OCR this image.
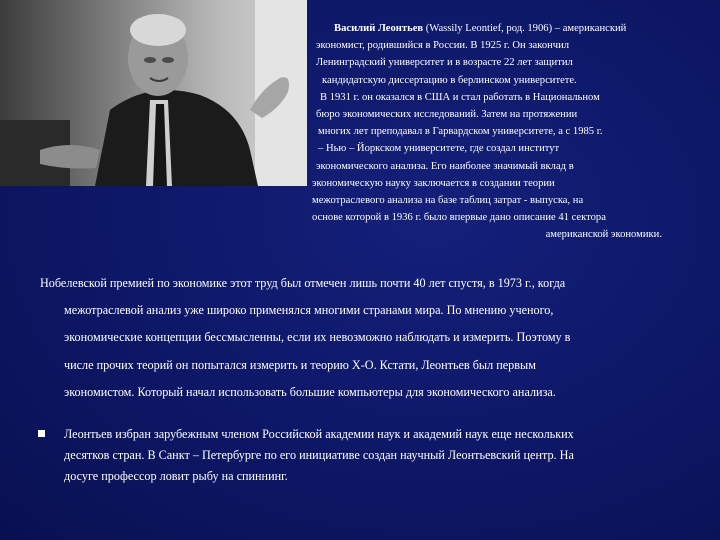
Василий Леонтьев (Wassily Leontief, род. 1906) – американский
экономист, родившийся в России. В 1925 г. Он закончил
Ленинградский университет и в возрасте 22 лет защитил
кандидатскую диссертацию в берлинском университете.
В 1931 г. он оказался в США и стал работать в Национальном
бюро экономических исследований. Затем на протяжении
многих лет преподавал в Гарвардском университете, а с 1985 г.
– Нью – Йоркском университете, где создал институт
экономического анализа. Его наиболее значимый вклад в
экономическую науку заключается в создании теории
межотраслевого анализа на базе таблиц затрат - выпуска, на
основе которой в 1936 г. было впервые дано описание 41 сектора
американской экономики.
Нобелевской премией по экономике этот труд был отмечен лишь почти 40 лет спустя, в 1973 г., когда
межотраслевой анализ уже широко применялся многими странами мира. По мнению ученого,
экономические концепции бессмысленны, если их невозможно наблюдать и измерить. Поэтому в
числе прочих теорий он попытался измерить и теорию Х-О. Кстати, Леонтьев был первым
экономистом. Который начал использовать большие компьютеры для экономического анализа.
Леонтьев избран зарубежным членом Российской академии наук и академий наук еще нескольких
десятков стран. В Санкт – Петербурге по его инициативе создан научный Леонтьевский центр. На
досуге профессор ловит рыбу на спиннинг.
